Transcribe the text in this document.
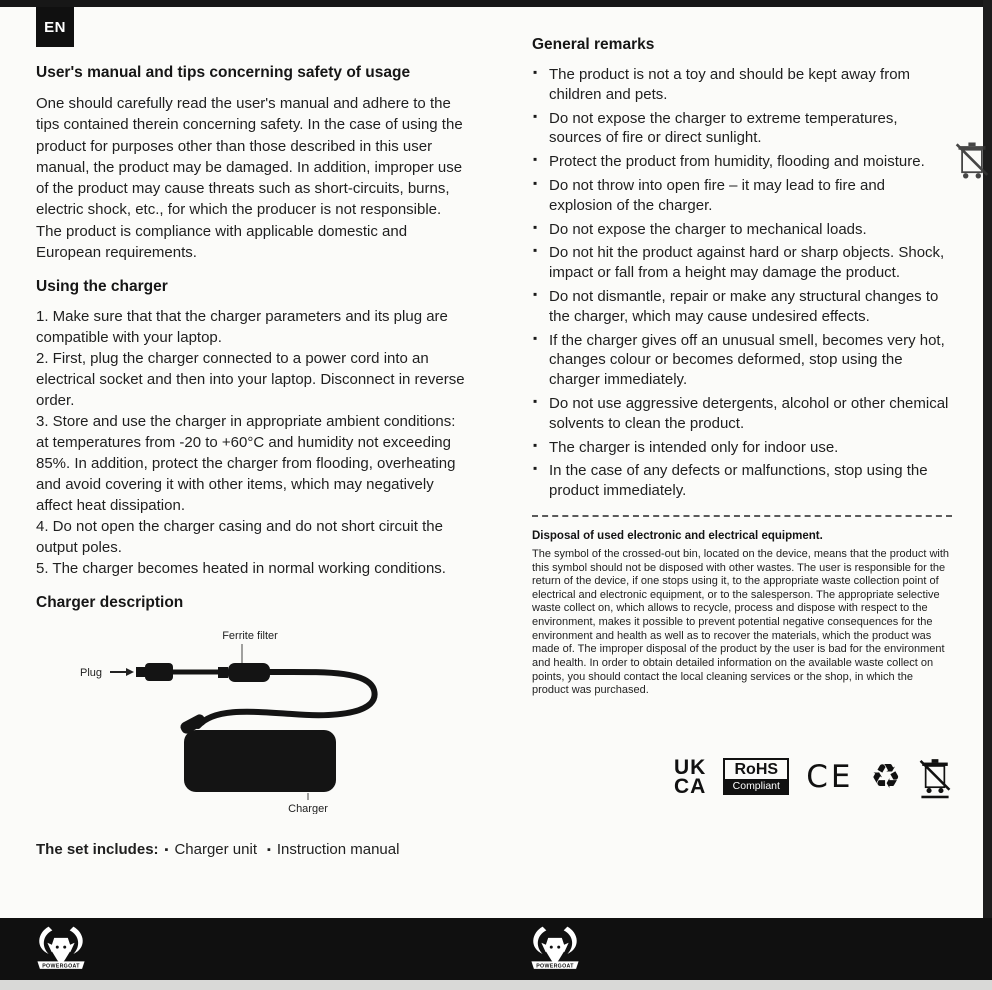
EN
User's manual and tips concerning safety of usage

One should carefully read the user's manual and adhere to the tips contained therein concerning safety. In the case of using the product for purposes other than those described in this user manual, the product may be damaged. In addition, improper use of the product may cause threats such as short-circuits, burns, electric shock, etc., for which the producer is not responsible. The product is compliance with applicable domestic and European requirements.

Using the charger

1. Make sure that that the charger parameters and its plug are compatible with your laptop.

2. First, plug the charger connected to a power cord into an electrical socket and then into your laptop. Disconnect in reverse order.

3. Store and use the charger in appropriate ambient conditions: at temperatures from -20 to +60°C and humidity not exceeding 85%. In addition, protect the charger from flooding, overheating and avoid covering it with other items, which may negatively affect heat dissipation.

4. Do not open the charger casing and do not short circuit the output poles.

5. The charger becomes heated in normal working conditions.

Charger description
Ferrite filter
Plug
Charger
The set includes: ▪ Charger unit ▪ Instruction manual
General remarks
▪ The product is not a toy and should be kept away from children and pets.
▪ Do not expose the charger to extreme temperatures, sources of fire or direct sunlight.
▪ Protect the product from humidity, flooding and moisture.
▪ Do not throw into open fire – it may lead to fire and explosion of the charger.
▪ Do not expose the charger to mechanical loads.
▪ Do not hit the product against hard or sharp objects. Shock, impact or fall from a height may damage the product.
▪ Do not dismantle, repair or make any structural changes to the charger, which may cause undesired effects.
▪ If the charger gives off an unusual smell, becomes very hot, changes colour or becomes deformed, stop using the charger immediately.
▪ Do not use aggressive detergents, alcohol or other chemical solvents to clean the product.
▪ The charger is intended only for indoor use.
▪ In the case of any defects or malfunctions, stop using the product immediately.
Disposal of used electronic and electrical equipment.

The symbol of the crossed-out bin, located on the device, means that the product with this symbol should not be disposed with other wastes. The user is responsible for the return of the device, if one stops using it, to the appropriate waste collection point of electrical and electronic equipment, or to the salesperson. The appropriate selective waste collect on, which allows to recycle, process and dispose with respect to the environment, makes it possible to prevent potential negative consequences for the environment and health as well as to recover the materials, which the product was made of. The improper disposal of the product by the user is bad for the environment and health. In order to obtain detailed information on the available waste collect on points, you should contact the local cleaning services or the shop, in which the product was purchased.

UK
CA
RoHS
Compliant CE ♻
